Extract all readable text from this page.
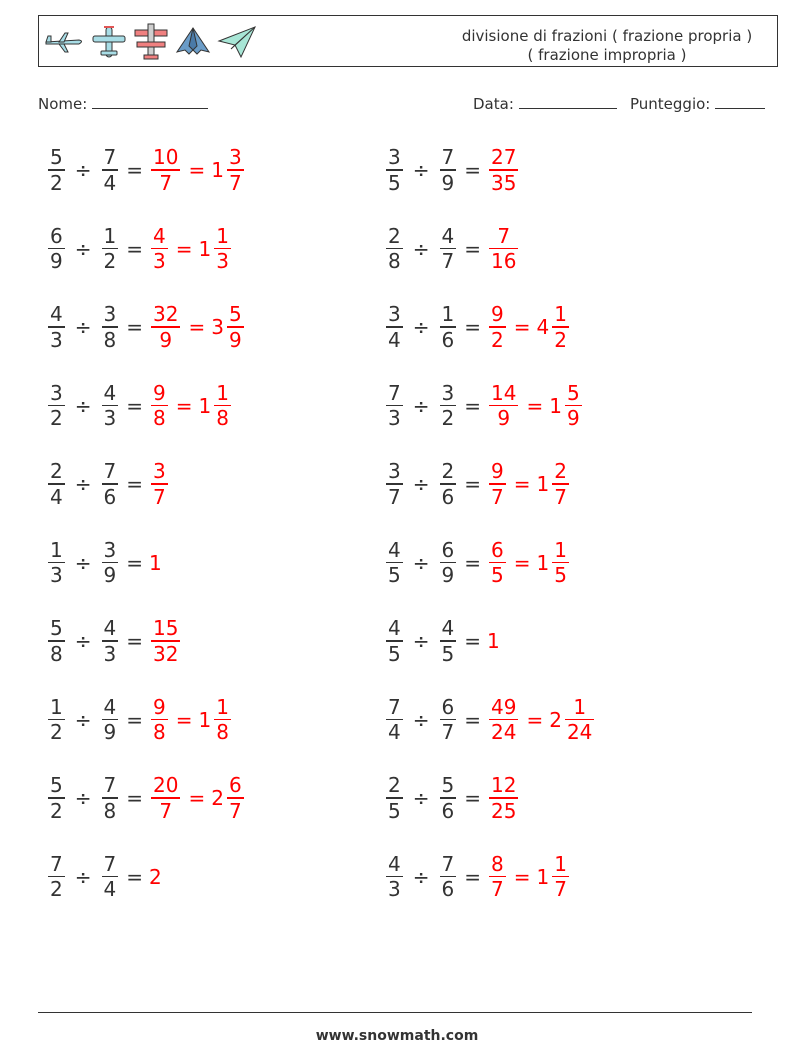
divisione di frazioni ( frazione propria ) ( frazione impropria )
Nome:	Data:	Punteggio:
$\frac{5}{2} \div \frac{7}{4} = \frac{10}{7} = 1 \frac{3}{7}$	$\frac{3}{5} \div \frac{7}{9} = \frac{27}{35}$
$\frac{6}{9} \div \frac{1}{2} = \frac{4}{3} = 1 \frac{1}{3}$	$\frac{2}{8} \div \frac{4}{7} = \frac{7}{16}$
$\frac{4}{3} \div \frac{3}{8} = \frac{32}{9} = 3 \frac{5}{9}$	$\frac{3}{4} \div \frac{1}{6} = \frac{9}{2} = 4 \frac{1}{2}$
$\frac{3}{2} \div \frac{4}{3} = \frac{9}{8} = 1 \frac{1}{8}$	$\frac{7}{3} \div \frac{3}{2} = \frac{14}{9} = 1 \frac{5}{9}$
$\frac{2}{4} \div \frac{7}{6} = \frac{3}{7}$	$\frac{3}{7} \div \frac{2}{6} = \frac{9}{7} = 1 \frac{2}{7}$
$\frac{1}{3} \div \frac{3}{9} = 1$	$\frac{4}{5} \div \frac{6}{9} = \frac{6}{5} = 1 \frac{1}{5}$
$\frac{5}{8} \div \frac{4}{3} = \frac{15}{32}$	$\frac{4}{5} \div \frac{4}{5} = 1$
$\frac{1}{2} \div \frac{4}{9} = \frac{9}{8} = 1 \frac{1}{8}$	$\frac{7}{4} \div \frac{6}{7} = \frac{49}{24} = 2 \frac{1}{24}$
$\frac{5}{2} \div \frac{7}{8} = \frac{20}{7} = 2 \frac{6}{7}$	$\frac{2}{5} \div \frac{5}{6} = \frac{12}{25}$
$\frac{7}{2} \div \frac{7}{4} = 2$	$\frac{4}{3} \div \frac{7}{6} = \frac{8}{7} = 1 \frac{1}{7}$
www.snowmath.com
